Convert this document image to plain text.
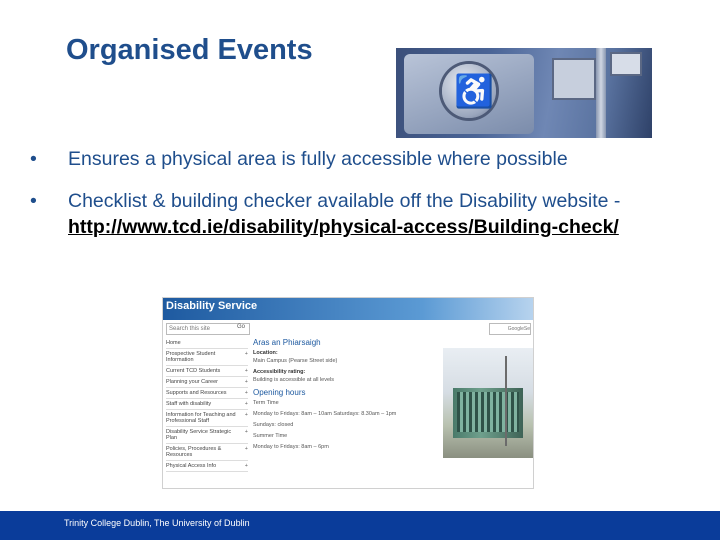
Organised Events
♿
• Ensures a physical area is fully accessible where possible
• Checklist & building checker available off the Disability website - http://www.tcd.ie/disability/physical-access/Building-check/
Disability Service
Search this site	Go	GoogleSe
Home
Prospective Student Information
+
Current TCD Students	+
Planning your Career	+
Supports and Resources	+
Staff with disability	+
Information for Teaching and Professional Staff
+
Disability Service Strategic Plan
+
Policies, Procedures & Resources
+
Physical Access Info	+
Aras an Phiarsaigh
Location:
Main Campus (Pearse Street side)
Accessibility rating:
Building is accessible at all levels
Opening hours
Term Time
Monday to Fridays: 8am – 10am Saturdays: 8.30am – 1pm
Sundays: closed
Summer Time
Monday to Fridays: 8am – 6pm
Trinity College Dublin, The University of Dublin
